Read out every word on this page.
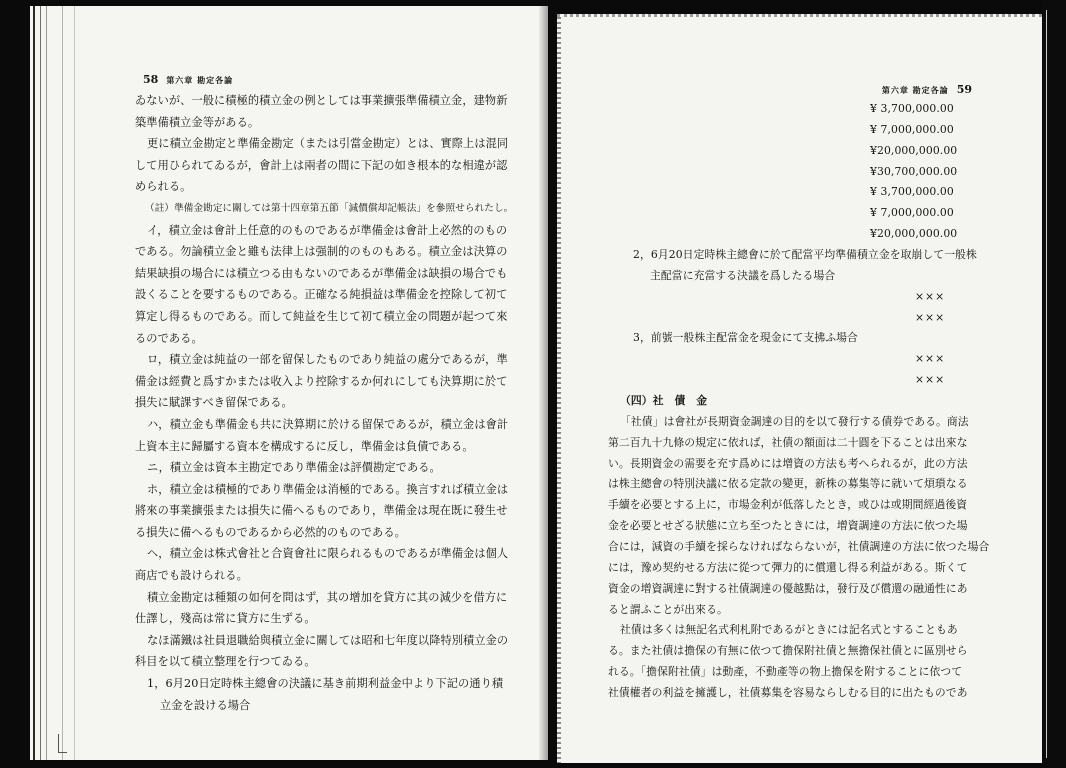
58 第六章 勘定各論
ゐないが、一般に積極的積立金の例としては事業擴張準備積立金，建物新
築準備積立金等がある。
更に積立金勘定と準備金勘定（または引當金勘定）とは、實際上は混同
して用ひられてゐるが，會計上は兩者の間に下記の如き根本的な相違が認
められる。
（註）準備金勘定に關しては第十四章第五節「減價償却記帳法」を參照せられたし。
イ，積立金は會計上任意的のものであるが準備金は會計上必然的のもの
である。勿論積立金と雖も法律上は强制的のものもある。積立金は決算の
結果缺損の場合には積立つる由もないのであるが準備金は缺損の場合でも
設くることを要するものである。正確なる純損益は準備金を控除して初て
算定し得るものである。而して純益を生じて初て積立金の問題が起つて來
るのである。
ロ，積立金は純益の一部を留保したものであり純益の處分であるが，準
備金は經費と爲すかまたは收入より控除するか何れにしても決算期に於て
損失に賦課すべき留保である。
ハ，積立金も準備金も共に決算期に於ける留保であるが，積立金は會計
上資本主に歸屬する資本を構成するに反し，準備金は負債である。
ニ，積立金は資本主勘定であり準備金は評價勘定である。
ホ，積立金は積極的であり準備金は消極的である。換言すれば積立金は
將來の事業擴張または損失に備へるものであり，準備金は現在既に發生せ
る損失に備へるものであるから必然的のものである。
ヘ，積立金は株式會社と合資會社に限られるものであるが準備金は個人
商店でも設けられる。
積立金勘定は種類の如何を問はず，其の增加を貸方に其の減少を借方に
仕譯し，殘高は常に貸方に生ずる。
なほ滿鐵は社員退職給與積立金に關しては昭和七年度以降特別積立金の
科目を以て積立整理を行つてゐる。
1，6月20日定時株主總會の決議に基き前期利益金中より下記の通り積
立金を設ける場合
第六章 勘定各論 59

¥ 3,700,000.00

¥ 7,000,000.00

¥20,000,000.00

¥30,700,000.00

¥ 3,700,000.00

¥ 7,000,000.00

¥20,000,000.00

2，6月20日定時株主總會に於て配當平均準備積立金を取崩して一般株
主配當に充當する決議を爲したる場合

×××

×××

3，前號一般株主配當金を現金にて支拂ふ場合

×××

×××

（四）社　債　金
「社債」は會社が長期資金調達の目的を以て發行する債券である。商法
第二百九十九條の規定に依れば，社債の額面は二十圓を下ることは出來な
い。長期資金の需要を充す爲めには增資の方法も考へられるが，此の方法
は株主總會の特別決議に依る定款の變更，新株の募集等に就いて煩瑣なる
手續を必要とする上に，市場金利が低落したとき，或ひは或期間經過後資
金を必要とせざる狀態に立ち至つたときには，增資調達の方法に依つた場
合には，減資の手續を採らなければならないが，社債調達の方法に依つた場合
には，豫め契約せる方法に從つて彈力的に償還し得る利益がある。斯くて
資金の增資調達に對する社債調達の優越點は，發行及び償還の融通性にあ
ると謂ふことが出來る。
社債は多くは無記名式利札附であるがときには記名式とすることもあ
る。また社債は擔保の有無に依つて擔保附社債と無擔保社債とに區別せら
れる。「擔保附社債」は動產，不動產等の物上擔保を附することに依つて
社債權者の利益を擁護し，社債募集を容易ならしむる目的に出たものであ
